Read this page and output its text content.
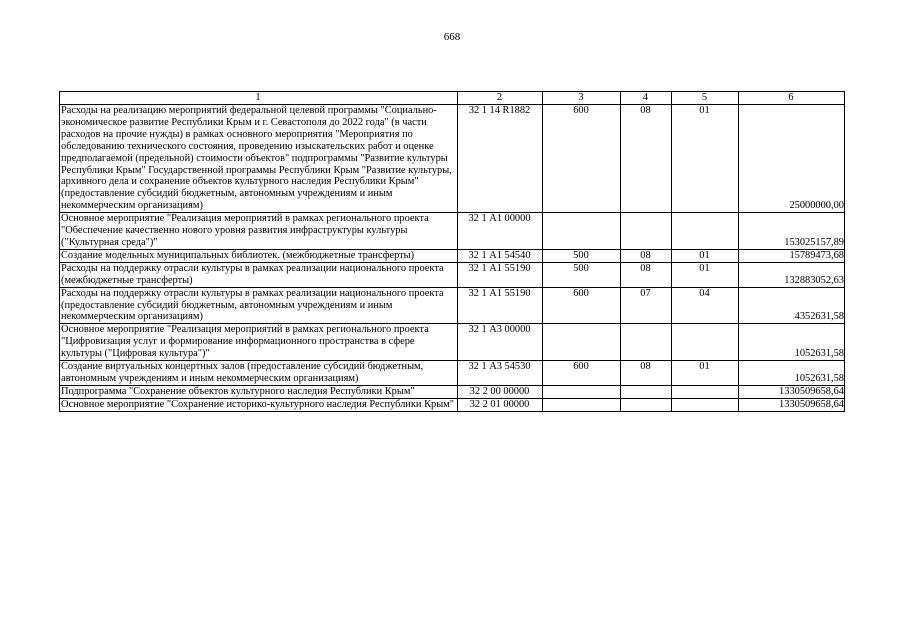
668
1	2	3	4	5	6
Расходы на реализацию мероприятий федеральной целевой программы "Социально-экономическое развитие Республики Крым и г. Севастополя до 2022 года" (в части расходов на прочие нужды) в рамках основного мероприятия "Мероприятия по обследованию технического состояния, проведению изыскательских работ и оценке предполагаемой (предельной) стоимости объектов" подпрограммы "Развитие культуры Республики Крым" Государственной программы Республики Крым "Развитие культуры, архивного дела и сохранение объектов культурного наследия Республики Крым" (предоставление субсидий бюджетным, автономным учреждениям и иным некоммерческим организациям)	32 1 14 R1882	600	08	01	25000000,00
Основное мероприятие "Реализация мероприятий в рамках регионального проекта "Обеспечение качественно нового уровня развития инфраструктуры культуры ("Культурная среда")"	32 1 А1 00000				153025157,89
Создание модельных муниципальных библиотек. (межбюджетные трансферты)	32 1 А1 54540	500	08	01	15789473,68
Расходы на поддержку отрасли культуры в рамках реализации национального проекта (межбюджетные трансферты)	32 1 А1 55190	500	08	01	132883052,63
Расходы на поддержку отрасли культуры в рамках реализации национального проекта (предоставление субсидий бюджетным, автономным учреждениям и иным некоммерческим организациям)	32 1 А1 55190	600	07	04	4352631,58
Основное мероприятие "Реализация мероприятий в рамках регионального проекта "Цифровизация услуг и формирование информационного пространства в сфере культуры ("Цифровая культура")"	32 1 А3 00000				1052631,58
Создание виртуальных концертных залов (предоставление субсидий бюджетным, автономным учреждениям и иным некоммерческим организациям)	32 1 А3 54530	600	08	01	1052631,58
Подпрограмма "Сохранение объектов культурного наследия Республики Крым"	32 2 00 00000				1330509658,64
Основное мероприятие "Сохранение историко-культурного наследия Республики Крым"	32 2 01 00000				1330509658,64
